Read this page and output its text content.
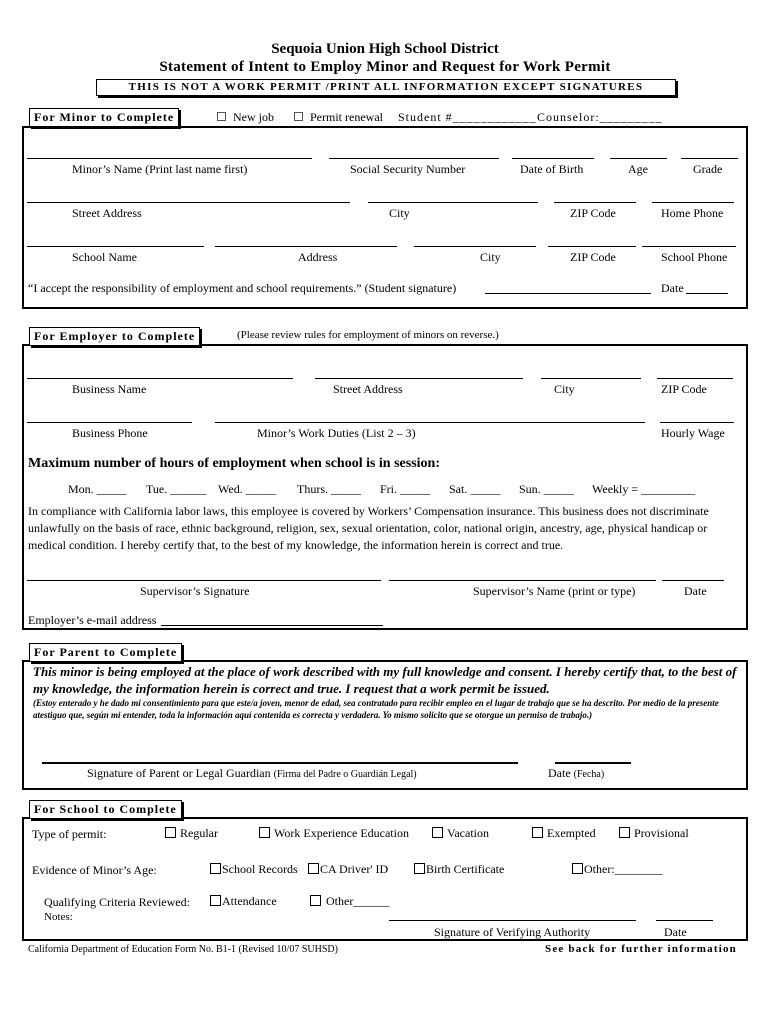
Sequoia Union High School District
Statement of Intent to Employ Minor and Request for Work Permit
THIS IS NOT A WORK PERMIT /PRINT ALL INFORMATION EXCEPT SIGNATURES
For Minor to Complete	New job	Permit renewal Student #____________ Counselor:_________
Minor’s Name (Print last name first)	Social Security Number	Date of Birth	Age	Grade
Street Address	City	ZIP Code	Home Phone
School Name	Address	City	ZIP Code	School Phone
“I accept the responsibility of employment and school requirements.” (Student signature)	Date
For Employer to Complete	(Please review rules for employment of minors on reverse.)
Business Name	Street Address	City	ZIP Code
Business Phone	Minor’s Work Duties (List 2 – 3)	Hourly Wage
Maximum number of hours of employment when school is in session:
Mon. _____ Tue. ______ Wed. _____ Thurs. _____ Fri. _____ Sat. _____ Sun. _____ Weekly = _________
In compliance with California labor laws, this employee is covered by Workers’ Compensation insurance. This business does not discriminate unlawfully on the basis of race, ethnic background, religion, sex, sexual orientation, color, national origin, ancestry, age, physical handicap or medical condition. I hereby certify that, to the best of my knowledge, the information herein is correct and true.
Supervisor’s Signature	Supervisor’s Name (print or type)	Date
Employer’s e-mail address
For Parent to Complete
This minor is being employed at the place of work described with my full knowledge and consent. I hereby certify that, to the best of my knowledge, the information herein is correct and true. I request that a work permit be issued.
(Estoy enterado y he dado mi consentimiento para que este/a joven, menor de edad, sea contratado para recibir empleo en el lugar de trabajo que se ha descrito. Por medio de la presente atestiguo que, según mi entender, toda la información aquí contenida es correcta y verdadera. Yo mismo solicito que se otorgue un permiso de trabajo.)
Signature of Parent or Legal Guardian (Firma del Padre o Guardián Legal)	Date (Fecha)
For School to Complete
Type of permit:	Regular	Work Experience Education	Vacation	Exempted	Provisional
Evidence of Minor’s Age:	School Records	CA Driver' ID	Birth Certificate	Other:________
Qualifying Criteria Reviewed:	Attendance	Other______
Notes:
Signature of Verifying Authority	Date
California Department of Education Form No. B1-1 (Revised 10/07 SUHSD)	See back for further information
